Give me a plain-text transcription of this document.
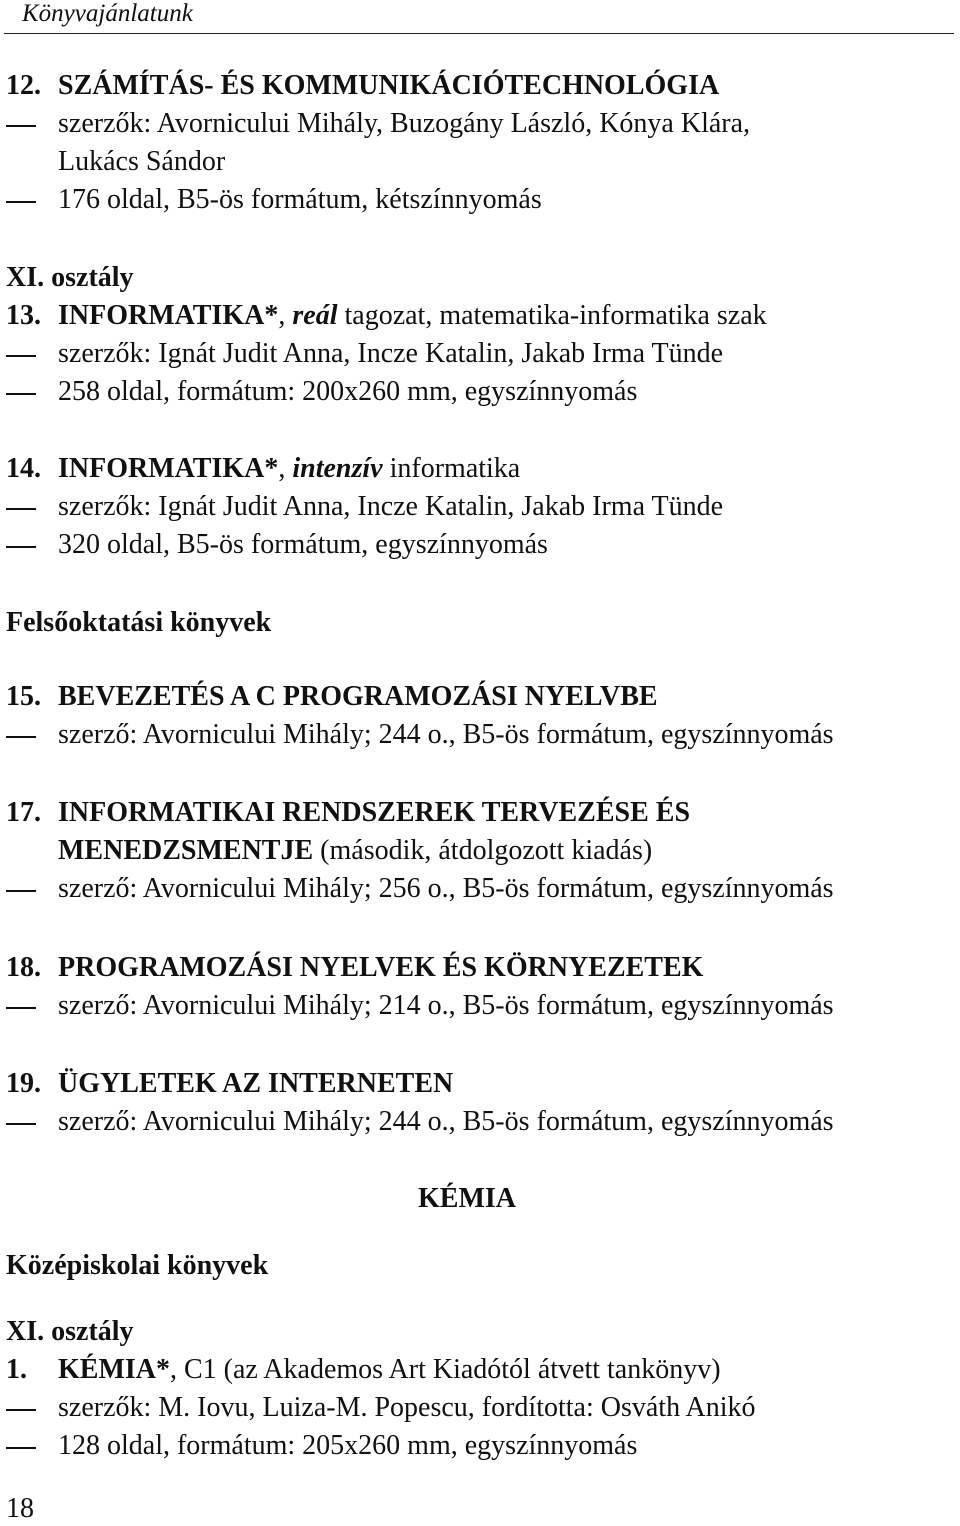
Könyvajánlatunk
12. SZÁMÍTÁS- ÉS KOMMUNIKÁCIÓTECHNOLÓGIA
szerzők: Avornicului Mihály, Buzogány László, Kónya Klára,
Lukács Sándor
176 oldal, B5-ös formátum, kétszínnyomás
XI. osztály
13. INFORMATIKA*, reál tagozat, matematika-informatika szak
szerzők: Ignát Judit Anna, Incze Katalin, Jakab Irma Tünde
258 oldal, formátum: 200x260 mm, egyszínnyomás
14. INFORMATIKA*, intenzív informatika
szerzők: Ignát Judit Anna, Incze Katalin, Jakab Irma Tünde
320 oldal, B5-ös formátum, egyszínnyomás
Felsőoktatási könyvek
15. BEVEZETÉS A C PROGRAMOZÁSI NYELVBE
szerző: Avornicului Mihály; 244 o., B5-ös formátum, egyszínnyomás
17. INFORMATIKAI RENDSZEREK TERVEZÉSE ÉS
MENEDZSMENTJE (második, átdolgozott kiadás)
szerző: Avornicului Mihály; 256 o., B5-ös formátum, egyszínnyomás
18. PROGRAMOZÁSI NYELVEK ÉS KÖRNYEZETEK
szerző: Avornicului Mihály; 214 o., B5-ös formátum, egyszínnyomás
19. ÜGYLETEK AZ INTERNETEN
szerző: Avornicului Mihály; 244 o., B5-ös formátum, egyszínnyomás
KÉMIA
Középiskolai könyvek
XI. osztály
1. KÉMIA*, C1 (az Akademos Art Kiadótól átvett tankönyv)
szerzők: M. Iovu, Luiza-M. Popescu, fordította: Osváth Anikó
128 oldal, formátum: 205x260 mm, egyszínnyomás
18
